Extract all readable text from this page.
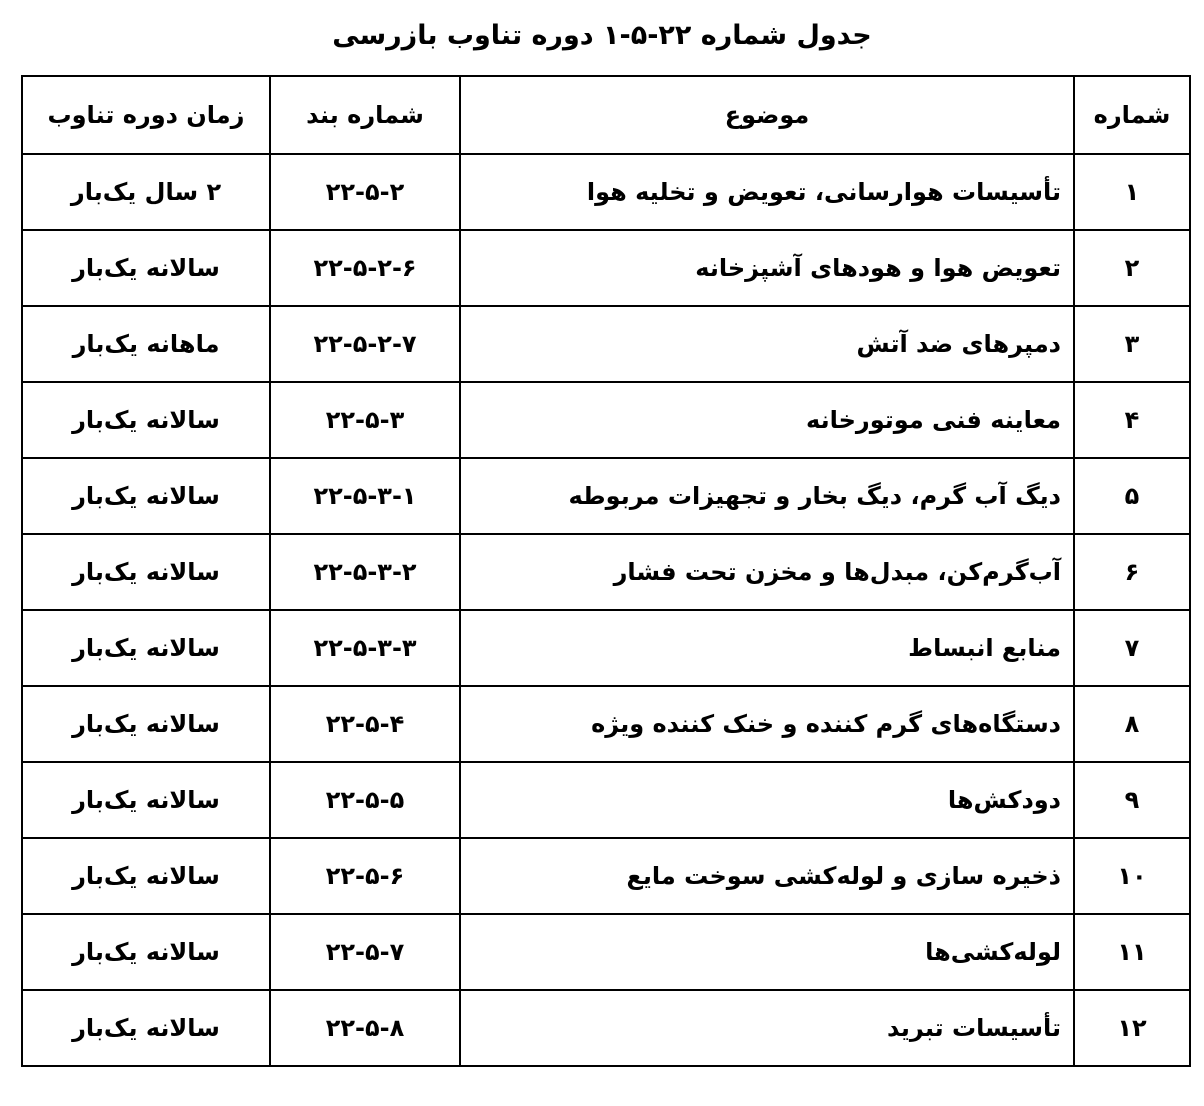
جدول شماره ۲۲-۵-۱ دوره تناوب بازرسی
شماره	موضوع	شماره بند	زمان دوره تناوب
۱	تأسیسات هوارسانی، تعویض و تخلیه هوا	۲۲-۵-۲	۲ سال یک‌بار
۲	تعویض هوا و هودهای آشپزخانه	۲۲-۵-۲-۶	سالانه یک‌بار
۳	دمپرهای ضد آتش	۲۲-۵-۲-۷	ماهانه یک‌بار
۴	معاینه فنی موتورخانه	۲۲-۵-۳	سالانه یک‌بار
۵	دیگ آب گرم، دیگ بخار و تجهیزات مربوطه	۲۲-۵-۳-۱	سالانه یک‌بار
۶	آب‌گرم‌کن، مبدل‌ها و مخزن تحت فشار	۲۲-۵-۳-۲	سالانه یک‌بار
۷	منابع انبساط	۲۲-۵-۳-۳	سالانه یک‌بار
۸	دستگاه‌های گرم کننده و خنک کننده ویژه	۲۲-۵-۴	سالانه یک‌بار
۹	دودکش‌ها	۲۲-۵-۵	سالانه یک‌بار
۱۰	ذخیره سازی و لوله‌کشی سوخت مایع	۲۲-۵-۶	سالانه یک‌بار
۱۱	لوله‌کشی‌ها	۲۲-۵-۷	سالانه یک‌بار
۱۲	تأسیسات تبرید	۲۲-۵-۸	سالانه یک‌بار
